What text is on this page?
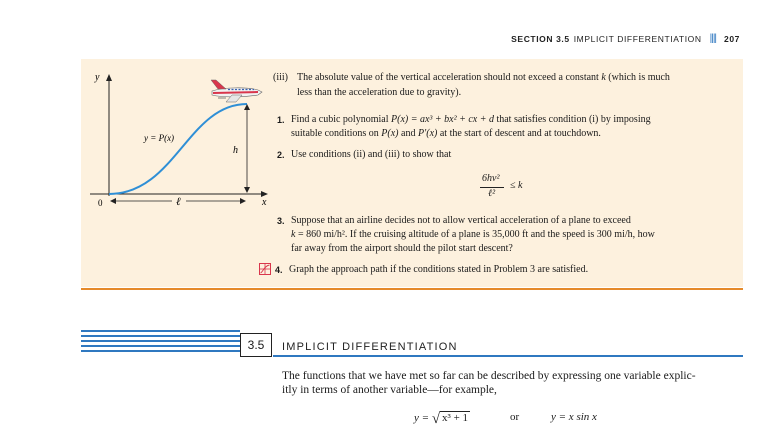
SECTION 3.5 IMPLICIT DIFFERENTIATION |||| 207
y
x
0
y = P(x)
h
ℓ
(iii) The absolute value of the vertical acceleration should not exceed a constant k (which is much
less than the acceleration due to gravity).
1. Find a cubic polynomial P(x) = ax³ + bx² + cx + d that satisfies condition (i) by imposing
suitable conditions on P(x) and P′(x) at the start of descent and at touchdown.
2. Use conditions (ii) and (iii) to show that
6hv²
ℓ²
≤ k
3. Suppose that an airline decides not to allow vertical acceleration of a plane to exceed
k = 860 mi/h². If the cruising altitude of a plane is 35,000 ft and the speed is 300 mi/h, how
far away from the airport should the pilot start descent?
4. Graph the approach path if the conditions stated in Problem 3 are satisfied.
3.5	IMPLICIT DIFFERENTIATION
The functions that we have met so far can be described by expressing one variable explic-
itly in terms of another variable—for example,
y = √ x³ + 1	or	y = x sin x
